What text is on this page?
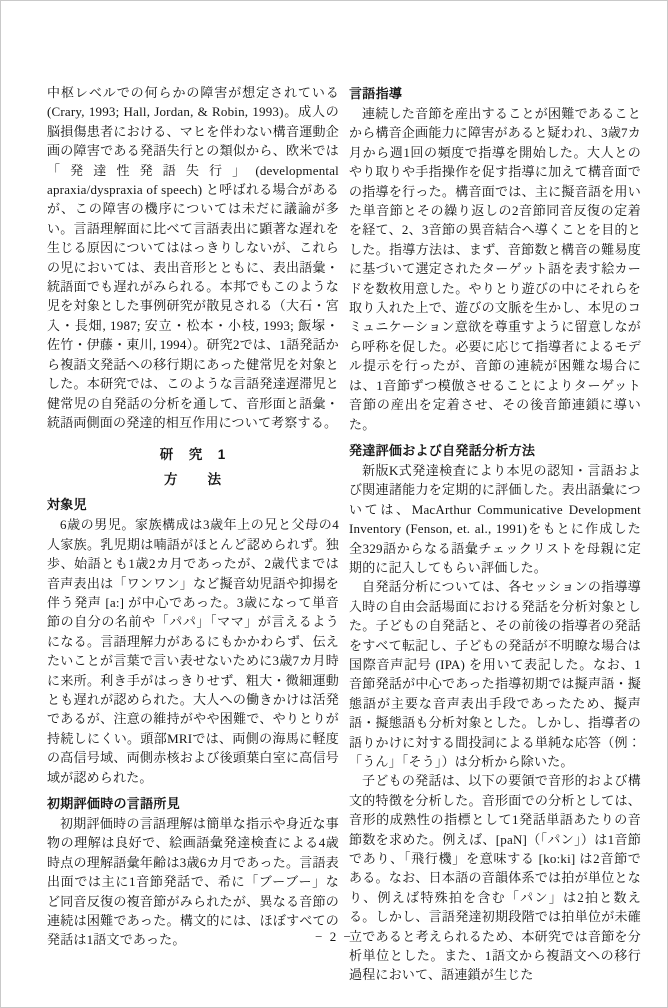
中枢レベルでの何らかの障害が想定されている(Crary, 1993; Hall, Jordan, & Robin, 1993)。成人の脳損傷患者における、マヒを伴わない構音運動企画の障害である発語失行との類似から、欧米では「発達性発語失行」(developmental apraxia/dyspraxia of speech) と呼ばれる場合があるが、この障害の機序については未だに議論が多い。言語理解面に比べて言語表出に顕著な遅れを生じる原因についてははっきりしないが、これらの児においては、表出音形とともに、表出語彙・統語面でも遅れがみられる。本邦でもこのような児を対象とした事例研究が散見される（大石・宮入・長畑, 1987; 安立・松本・小枝, 1993; 飯塚・佐竹・伊藤・東川, 1994）。研究2では、1語発話から複語文発話への移行期にあった健常児を対象とした。本研究では、このような言語発達遅滞児と健常児の自発話の分析を通して、音形面と語彙・統語両側面の発達的相互作用について考察する。

研　究　1
方　　法
対象児

6歳の男児。家族構成は3歳年上の兄と父母の4人家族。乳児期は喃語がほとんど認められず。独歩、始語とも1歳2カ月であったが、2歳代までは音声表出は「ワンワン」など擬音幼児語や抑揚を伴う発声 [a:] が中心であった。3歳になって単音節の自分の名前や「パパ」「ママ」が言えるようになる。言語理解力があるにもかかわらず、伝えたいことが言葉で言い表せないために3歳7カ月時に来所。利き手がはっきりせず、粗大・微細運動とも遅れが認められた。大人への働きかけは活発であるが、注意の維持がやや困難で、やりとりが持続しにくい。頭部MRIでは、両側の海馬に軽度の高信号域、両側赤核および後頭葉白室に高信号域が認められた。

初期評価時の言語所見

初期評価時の言語理解は簡単な指示や身近な事物の理解は良好で、絵画語彙発達検査による4歳時点の理解語彙年齢は3歳6カ月であった。言語表出面では主に1音節発話で、希に「ブーブー」など同音反復の複音節がみられたが、異なる音節の連続は困難であった。構文的には、ほぼすべての発話は1語文であった。

言語指導

連続した音節を産出することが困難であることから構音企画能力に障害があると疑われ、3歳7カ月から週1回の頻度で指導を開始した。大人とのやり取りや手指操作を促す指導に加えて構音面での指導を行った。構音面では、主に擬音語を用いた単音節とその繰り返しの2音節同音反復の定着を経て、2、3音節の異音結合へ導くことを目的とした。指導方法は、まず、音節数と構音の難易度に基づいて選定されたターゲット語を表す絵カードを数枚用意した。やりとり遊びの中にそれらを取り入れた上で、遊びの文脈を生かし、本児のコミュニケーション意欲を尊重すように留意しながら呼称を促した。必要に応じて指導者によるモデル提示を行ったが、音節の連続が困難な場合には、1音節ずつ模倣させることによりターゲット音節の産出を定着させ、その後音節連鎖に導いた。

発達評価および自発話分析方法

新版K式発達検査により本児の認知・言語および関連諸能力を定期的に評価した。表出語彙については、MacArthur Communicative Development Inventory (Fenson, et. al., 1991)をもとに作成した全329語からなる語彙チェックリストを母親に定期的に記入してもらい評価した。

自発話分析については、各セッションの指導導入時の自由会話場面における発話を分析対象とした。子どもの自発話と、その前後の指導者の発話をすべて転記し、子どもの発話が不明瞭な場合は国際音声記号 (IPA) を用いて表記した。なお、1音節発話が中心であった指導初期では擬声語・擬態語が主要な音声表出手段であったため、擬声語・擬態語も分析対象とした。しかし、指導者の語りかけに対する間投詞による単純な応答（例：「うん」「そう」）は分析から除いた。

子どもの発話は、以下の要領で音形的および構文的特徴を分析した。音形面での分析としては、音形的成熟性の指標として1発話単語あたりの音節数を求めた。例えば、[paN]（「パン」）は1音節であり、「飛行機」を意味する [ko:ki] は2音節である。なお、日本語の音韻体系では拍が単位となり、例えば特殊拍を含む「パン」は2拍と数える。しかし、言語発達初期段階では拍単位が未確立であると考えられるため、本研究では音節を分析単位とした。また、1語文から複語文への移行過程において、語連鎖が生じた

− 2 −
